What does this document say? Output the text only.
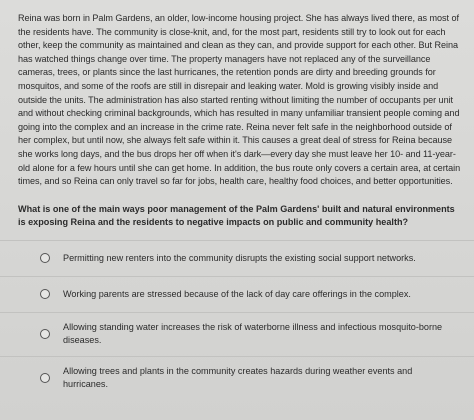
Reina was born in Palm Gardens, an older, low-income housing project. She has always lived there, as most of the residents have. The community is close-knit, and, for the most part, residents still try to look out for each other, keep the community as maintained and clean as they can, and provide support for each other. But Reina has watched things change over time. The property managers have not replaced any of the surveillance cameras, trees, or plants since the last hurricanes, the retention ponds are dirty and breeding grounds for mosquitos, and some of the roofs are still in disrepair and leaking water. Mold is growing visibly inside and outside the units. The administration has also started renting without limiting the number of occupants per unit and without checking criminal backgrounds, which has resulted in many unfamiliar transient people coming and going into the complex and an increase in the crime rate. Reina never felt safe in the neighborhood outside of her complex, but until now, she always felt safe within it. This causes a great deal of stress for Reina because she works long days, and the bus drops her off when it's dark—every day she must leave her 10- and 11-year-old alone for a few hours until she can get home. In addition, the bus route only covers a certain area, at certain times, and so Reina can only travel so far for jobs, health care, healthy food choices, and better opportunities.

What is one of the main ways poor management of the Palm Gardens' built and natural environments is exposing Reina and the residents to negative impacts on public and community health?

Permitting new renters into the community disrupts the existing social support networks.
Working parents are stressed because of the lack of day care offerings in the complex.
Allowing standing water increases the risk of waterborne illness and infectious mosquito-borne diseases.
Allowing trees and plants in the community creates hazards during weather events and hurricanes.
